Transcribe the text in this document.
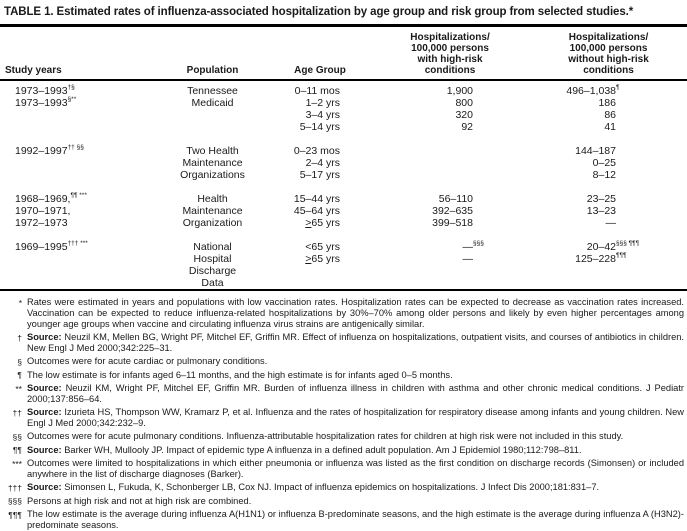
TABLE 1. Estimated rates of influenza-associated hospitalization by age group and risk group from selected studies.*
Study years	Population	Age Group	Hospitalizations/
100,000 persons
with high-risk
conditions	Hospitalizations/
100,000 persons
without high-risk
conditions
1973–1993 †§	Tennessee	0–11 mos	1,900	496–1,038 ¶

1973–1993 §**	Medicaid	1–2 yrs	800	186
		3–4 yrs	320	86
		5–14 yrs	92	41
1992–1997 †† §§	Two Health	0–23 mos		144–187
	Maintenance	2–4 yrs		0–25
	Organizations	5–17 yrs		8–12
1968–1969, ¶¶ ***	Health	15–44 yrs	56–110	23–25
1970–1971,	Maintenance	45–64 yrs	392–635	13–23
1972–1973	Organization	≥65 yrs	399–518	—
1969–1995 ††† ***	National	<65 yrs	— §§§	20–42 §§§ ¶¶¶

	Hospital	≥65 yrs	—	125–228 ¶¶¶

	Discharge			
	Data			
* Rates were estimated in years and populations with low vaccination rates. Hospitalization rates can be expected to decrease as vaccination rates increased. Vaccination can be expected to reduce influenza-related hospitalizations by 30%–70% among older persons and likely by even higher percentages among younger age groups when vaccine and circulating influenza virus strains are antigenically similar.
† Source: Neuzil KM, Mellen BG, Wright PF, Mitchel EF, Griffin MR. Effect of influenza on hospitalizations, outpatient visits, and courses of antibiotics in children. New Engl J Med 2000;342:225–31.
§ Outcomes were for acute cardiac or pulmonary conditions.
¶ The low estimate is for infants aged 6–11 months, and the high estimate is for infants aged 0–5 months.
** Source: Neuzil KM, Wright PF, Mitchel EF, Griffin MR. Burden of influenza illness in children with asthma and other chronic medical conditions. J Pediatr 2000;137:856–64.
†† Source: Izurieta HS, Thompson WW, Kramarz P, et al. Influenza and the rates of hospitalization for respiratory disease among infants and young children. New Engl J Med 2000;342:232–9.
§§ Outcomes were for acute pulmonary conditions. Influenza-attributable hospitalization rates for children at high risk were not included in this study.
¶¶ Source: Barker WH, Mullooly JP. Impact of epidemic type A influenza in a defined adult population. Am J Epidemiol 1980;112:798–811.
*** Outcomes were limited to hospitalizations in which either pneumonia or influenza was listed as the first condition on discharge records (Simonsen) or included anywhere in the list of discharge diagnoses (Barker).
††† Source: Simonsen L, Fukuda, K, Schonberger LB, Cox NJ. Impact of influenza epidemics on hospitalizations. J Infect Dis 2000;181:831–7.
§§§ Persons at high risk and not at high risk are combined.
¶¶¶ The low estimate is the average during influenza A(H1N1) or influenza B-predominate seasons, and the high estimate is the average during influenza A (H3N2)-predominate seasons.
